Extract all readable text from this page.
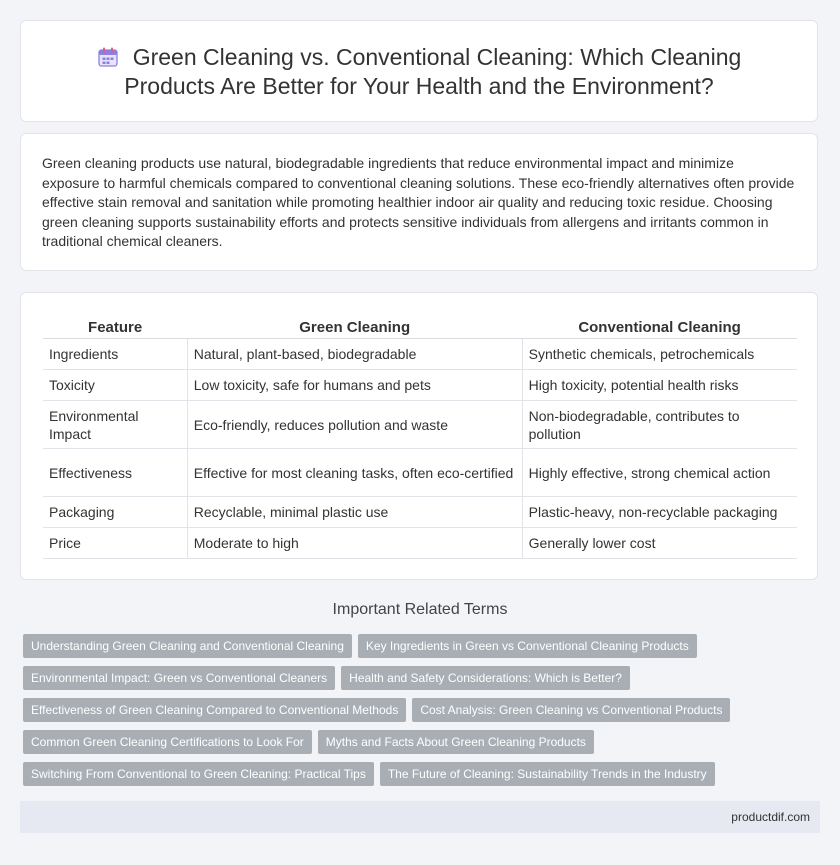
Green Cleaning vs. Conventional Cleaning: Which Cleaning Products Are Better for Your Health and the Environment?
Green cleaning products use natural, biodegradable ingredients that reduce environmental impact and minimize exposure to harmful chemicals compared to conventional cleaning solutions. These eco-friendly alternatives often provide effective stain removal and sanitation while promoting healthier indoor air quality and reducing toxic residue. Choosing green cleaning supports sustainability efforts and protects sensitive individuals from allergens and irritants common in traditional chemical cleaners.
Feature	Green Cleaning	Conventional Cleaning
Ingredients	Natural, plant-based, biodegradable	Synthetic chemicals, petrochemicals
Toxicity	Low toxicity, safe for humans and pets	High toxicity, potential health risks
Environmental Impact	Eco-friendly, reduces pollution and waste	Non-biodegradable, contributes to pollution
Effectiveness	Effective for most cleaning tasks, often eco-certified	Highly effective, strong chemical action
Packaging	Recyclable, minimal plastic use	Plastic-heavy, non-recyclable packaging
Price	Moderate to high	Generally lower cost
Important Related Terms
Understanding Green Cleaning and Conventional Cleaning Key Ingredients in Green vs Conventional Cleaning Products
Environmental Impact: Green vs Conventional Cleaners Health and Safety Considerations: Which is Better?
Effectiveness of Green Cleaning Compared to Conventional Methods Cost Analysis: Green Cleaning vs Conventional Products
Common Green Cleaning Certifications to Look For Myths and Facts About Green Cleaning Products
Switching From Conventional to Green Cleaning: Practical Tips The Future of Cleaning: Sustainability Trends in the Industry
productdif.com
